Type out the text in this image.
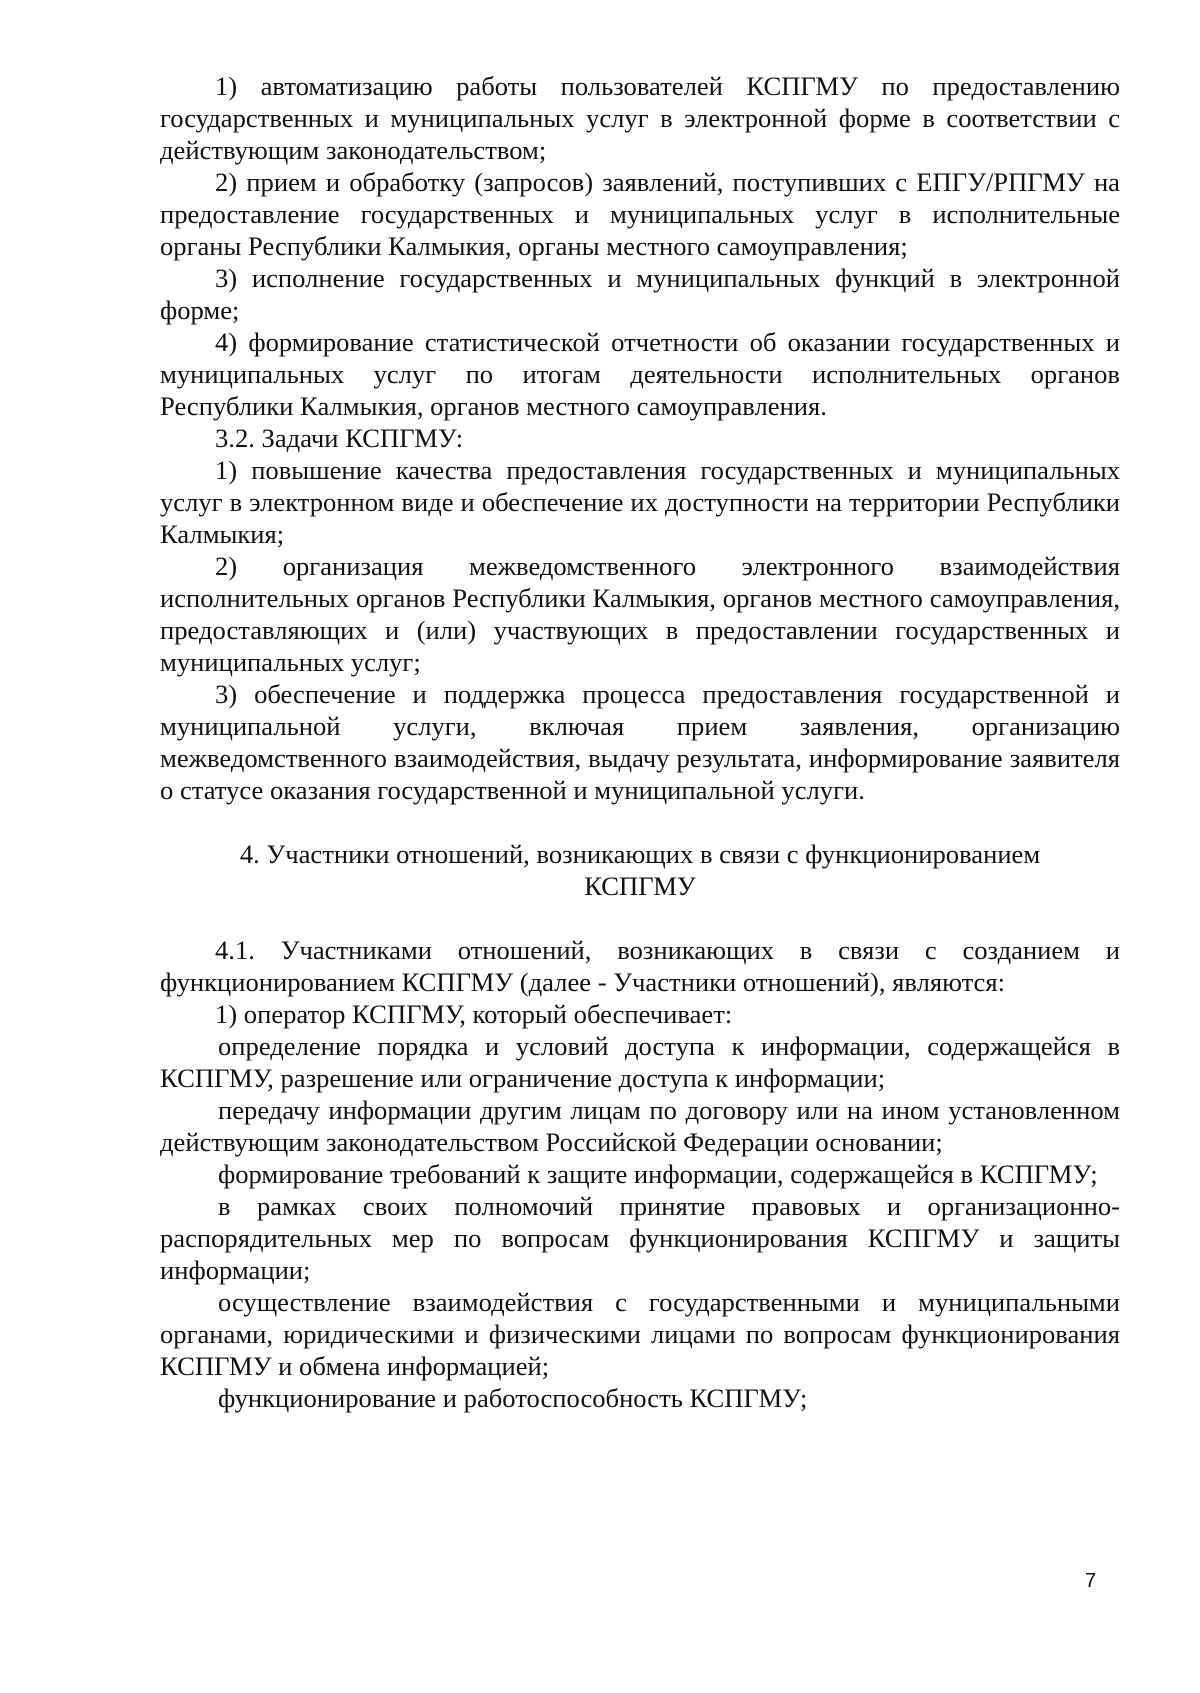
1) автоматизацию работы пользователей КСПГМУ по предоставлению государственных и муниципальных услуг в электронной форме в соответствии с действующим законодательством;

2) прием и обработку (запросов) заявлений, поступивших с ЕПГУ/РПГМУ на предоставление государственных и муниципальных услуг в исполнительные органы Республики Калмыкия, органы местного самоуправления;

3) исполнение государственных и муниципальных функций в электронной форме;

4) формирование статистической отчетности об оказании государственных и муниципальных услуг по итогам деятельности исполнительных органов Республики Калмыкия, органов местного самоуправления.

3.2. Задачи КСПГМУ:

1) повышение качества предоставления государственных и муниципальных услуг в электронном виде и обеспечение их доступности на территории Республики Калмыкия;

2) организация межведомственного электронного взаимодействия исполнительных органов Республики Калмыкия, органов местного самоуправления, предоставляющих и (или) участвующих в предоставлении государственных и муниципальных услуг;

3) обеспечение и поддержка процесса предоставления государственной и муниципальной услуги, включая прием заявления, организацию межведомственного взаимодействия, выдачу результата, информирование заявителя о статусе оказания государственной и муниципальной услуги.

4. Участники отношений, возникающих в связи с функционированием

КСПГМУ

4.1. Участниками отношений, возникающих в связи с созданием и функционированием КСПГМУ (далее - Участники отношений), являются:

1) оператор КСПГМУ, который обеспечивает:

определение порядка и условий доступа к информации, содержащейся в КСПГМУ, разрешение или ограничение доступа к информации;

передачу информации другим лицам по договору или на ином установленном действующим законодательством Российской Федерации основании;

формирование требований к защите информации, содержащейся в КСПГМУ;

в рамках своих полномочий принятие правовых и организационно-распорядительных мер по вопросам функционирования КСПГМУ и защиты информации;

осуществление взаимодействия с государственными и муниципальными органами, юридическими и физическими лицами по вопросам функционирования КСПГМУ и обмена информацией;

функционирование и работоспособность КСПГМУ;

7
